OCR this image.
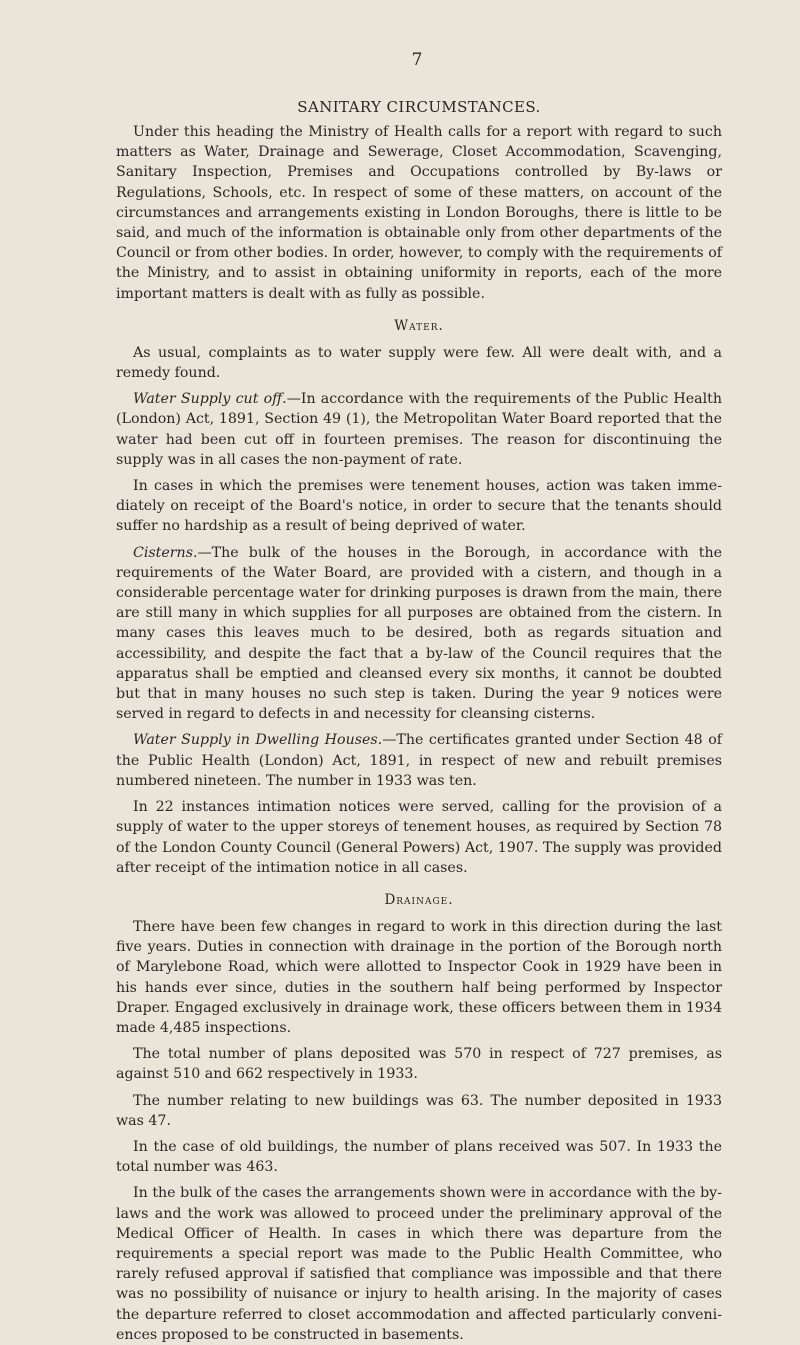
7
SANITARY CIRCUMSTANCES.

Under this heading the Ministry of Health calls for a report with regard to such matters as Water, Drainage and Sewerage, Closet Accommodation, Scavenging, Sanitary Inspection, Premises and Occupations controlled by By-laws or Regulations, Schools, etc. In respect of some of these matters, on account of the circumstances and arrangements existing in London Boroughs, there is little to be said, and much of the information is obtainable only from other departments of the Council or from other bodies. In order, however, to comply with the requirements of the Ministry, and to assist in obtaining uniformity in reports, each of the more important matters is dealt with as fully as possible.

Water.

As usual, complaints as to water supply were few. All were dealt with, and a remedy found.

Water Supply cut off.—In accordance with the requirements of the Public Health (London) Act, 1891, Section 49 (1), the Metropolitan Water Board reported that the water had been cut off in fourteen premises. The reason for discontinuing the supply was in all cases the non-payment of rate.

In cases in which the premises were tenement houses, action was taken immediately on receipt of the Board's notice, in order to secure that the tenants should suffer no hardship as a result of being deprived of water.

Cisterns.—The bulk of the houses in the Borough, in accordance with the requirements of the Water Board, are provided with a cistern, and though in a considerable percentage water for drinking purposes is drawn from the main, there are still many in which supplies for all purposes are obtained from the cistern. In many cases this leaves much to be desired, both as regards situation and accessibility, and despite the fact that a by-law of the Council requires that the apparatus shall be emptied and cleansed every six months, it cannot be doubted but that in many houses no such step is taken. During the year 9 notices were served in regard to defects in and necessity for cleansing cisterns.

Water Supply in Dwelling Houses.—The certificates granted under Section 48 of the Public Health (London) Act, 1891, in respect of new and rebuilt premises numbered nineteen. The number in 1933 was ten.

In 22 instances intimation notices were served, calling for the provision of a supply of water to the upper storeys of tenement houses, as required by Section 78 of the London County Council (General Powers) Act, 1907. The supply was provided after receipt of the intimation notice in all cases.

Drainage.

There have been few changes in regard to work in this direction during the last five years. Duties in connection with drainage in the portion of the Borough north of Marylebone Road, which were allotted to Inspector Cook in 1929 have been in his hands ever since, duties in the southern half being performed by Inspector Draper. Engaged exclusively in drainage work, these officers between them in 1934 made 4,485 inspections.

The total number of plans deposited was 570 in respect of 727 premises, as against 510 and 662 respectively in 1933.

The number relating to new buildings was 63. The number deposited in 1933 was 47.

In the case of old buildings, the number of plans received was 507. In 1933 the total number was 463.

In the bulk of the cases the arrangements shown were in accordance with the by-laws and the work was allowed to proceed under the preliminary approval of the Medical Officer of Health. In cases in which there was departure from the requirements a special report was made to the Public Health Committee, who rarely refused approval if satisfied that compliance was impossible and that there was no possibility of nuisance or injury to health arising. In the majority of cases the departure referred to closet accommodation and affected particularly conveniences proposed to be constructed in basements.
